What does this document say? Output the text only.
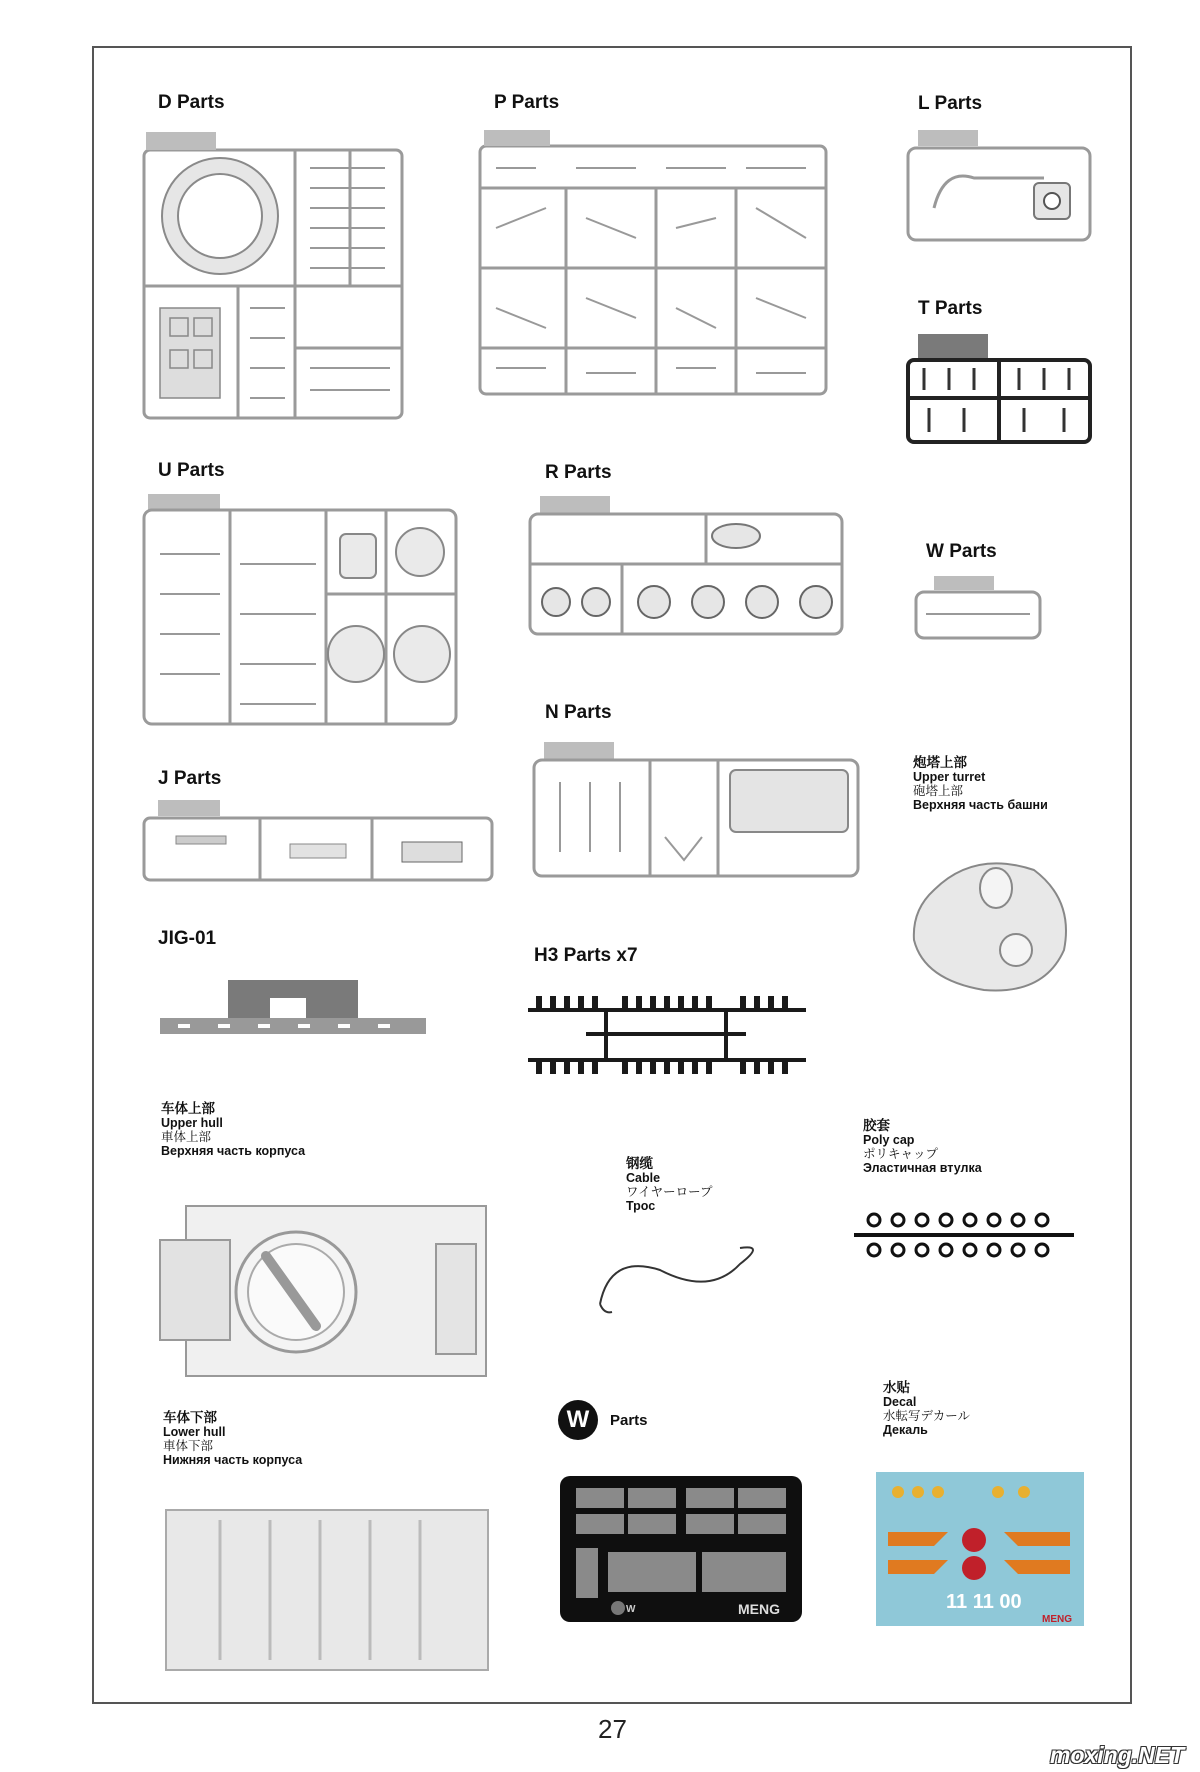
D Parts	P Parts	L Parts
T Parts
U Parts	R Parts
W Parts
N Parts
J Parts
JIG-01
H3 Parts x7
W	Parts
炮塔上部
Upper turret
砲塔上部
Верхняя часть башни
车体上部
Upper hull
車体上部
Верхняя часть корпуса
钢缆
Cable
ワイヤーロープ
Трос
胶套
Poly cap
ポリキャップ
Эластичная втулка
车体下部
Lower hull
車体下部
Нижняя часть корпуса
水贴
Decal
水転写デカール
Декаль
W	MENG	11 11 00
MENG
27
moxing.NET
